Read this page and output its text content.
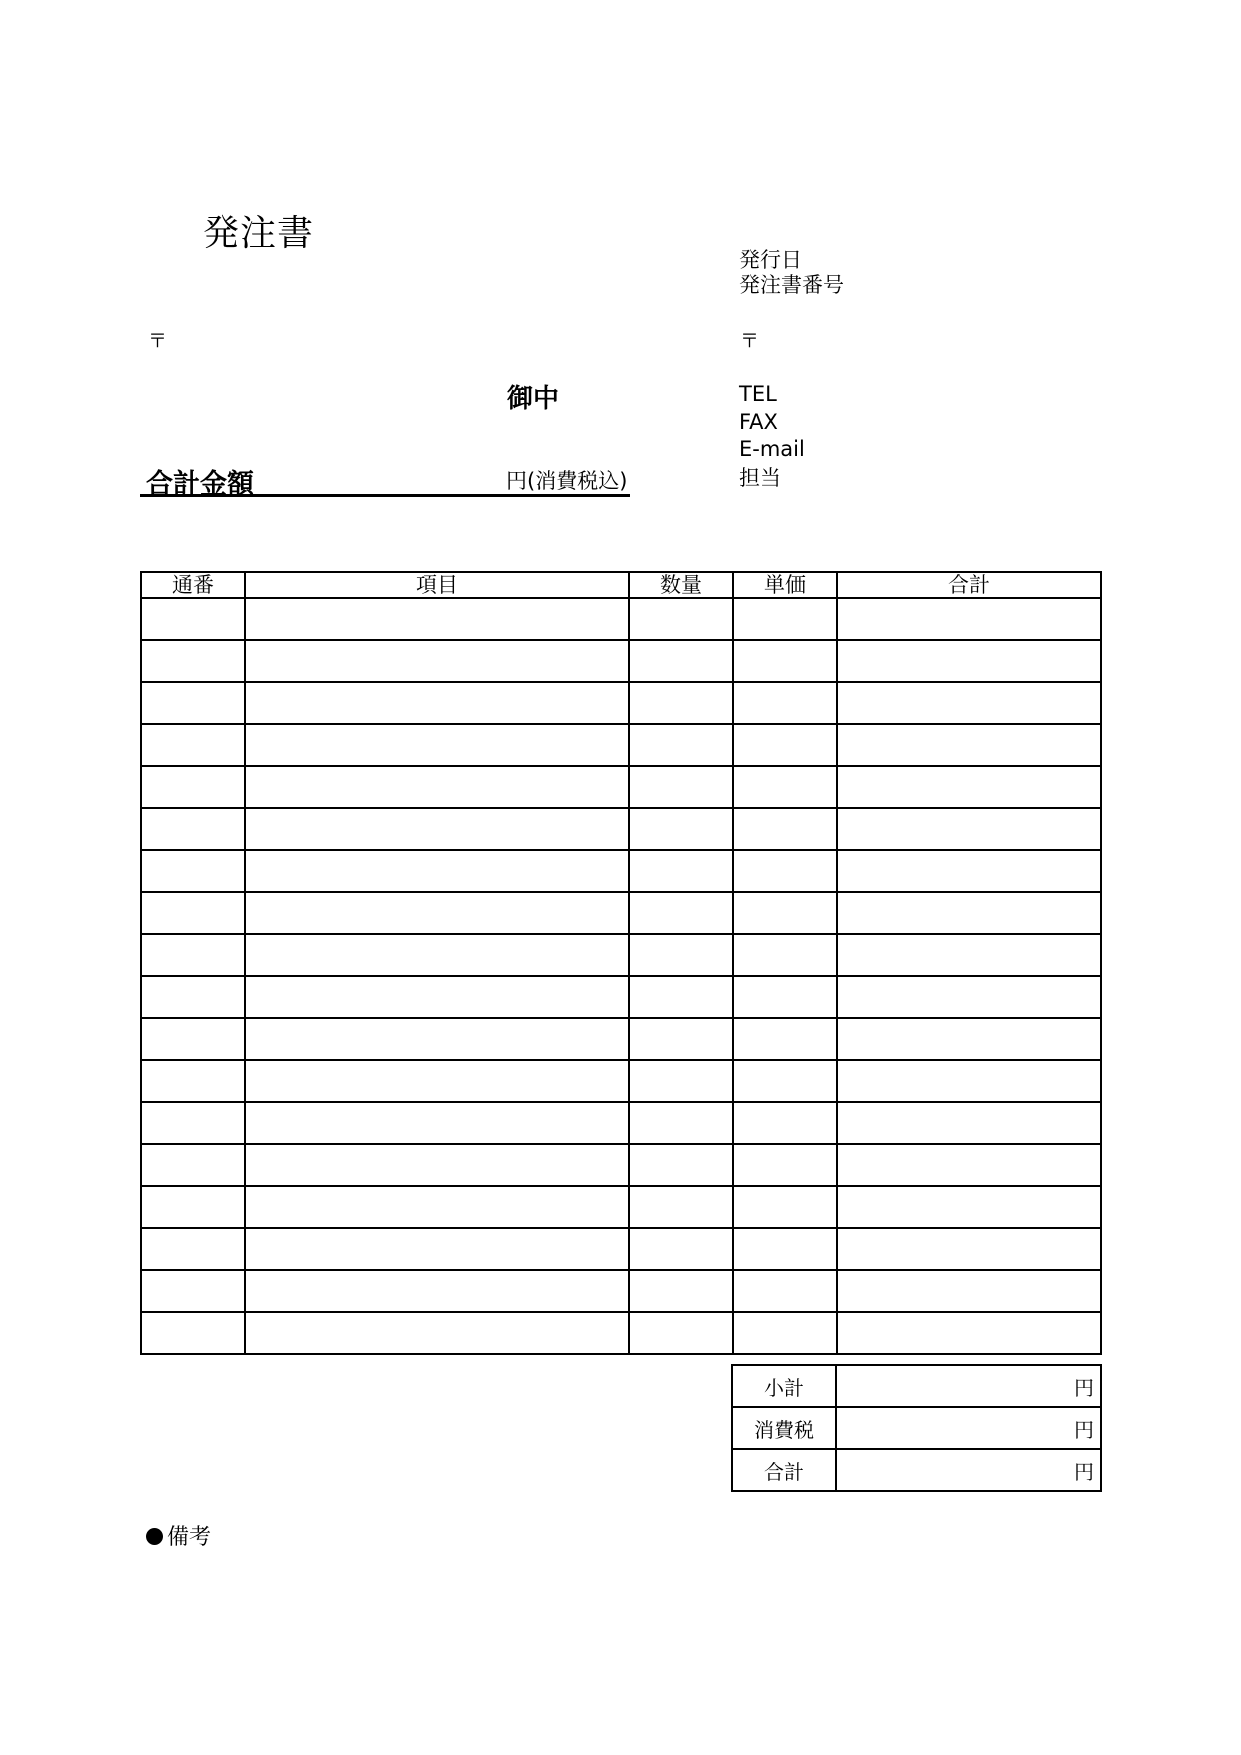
発注書
発行日
発注書番号
〒	〒
御中	TEL
FAX
E-mail
担当
合計金額	円(消費税込)
通番	項目	数量	単価	合計

小計	円
消費税	円
合計	円
備考
